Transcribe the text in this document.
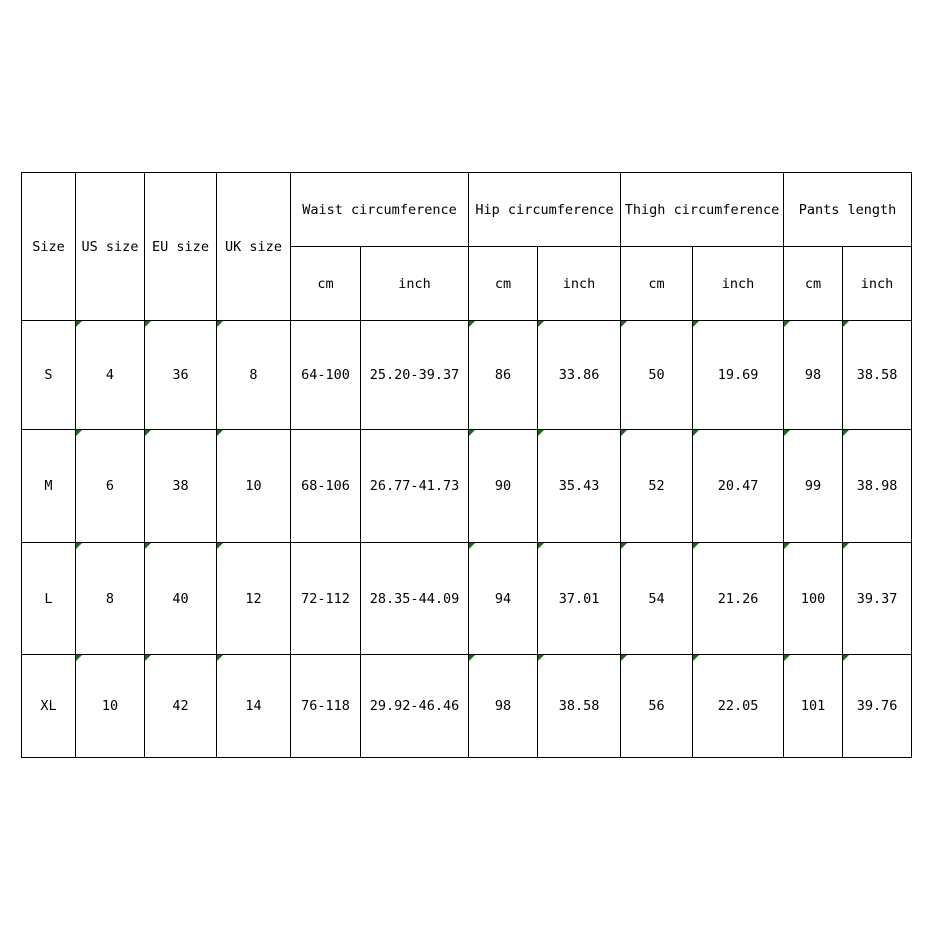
Size	US size	EU size	UK size	Waist circumference		Hip circumference		Thigh circumference		Pants length	
				cm	inch	cm	inch	cm	inch	cm	inch
S	4	36	8	64-100	25.20-39.37	86	33.86	50	19.69	98	38.58
M	6	38	10	68-106	26.77-41.73	90	35.43	52	20.47	99	38.98
L	8	40	12	72-112	28.35-44.09	94	37.01	54	21.26	100	39.37
XL	10	42	14	76-118	29.92-46.46	98	38.58	56	22.05	101	39.76
